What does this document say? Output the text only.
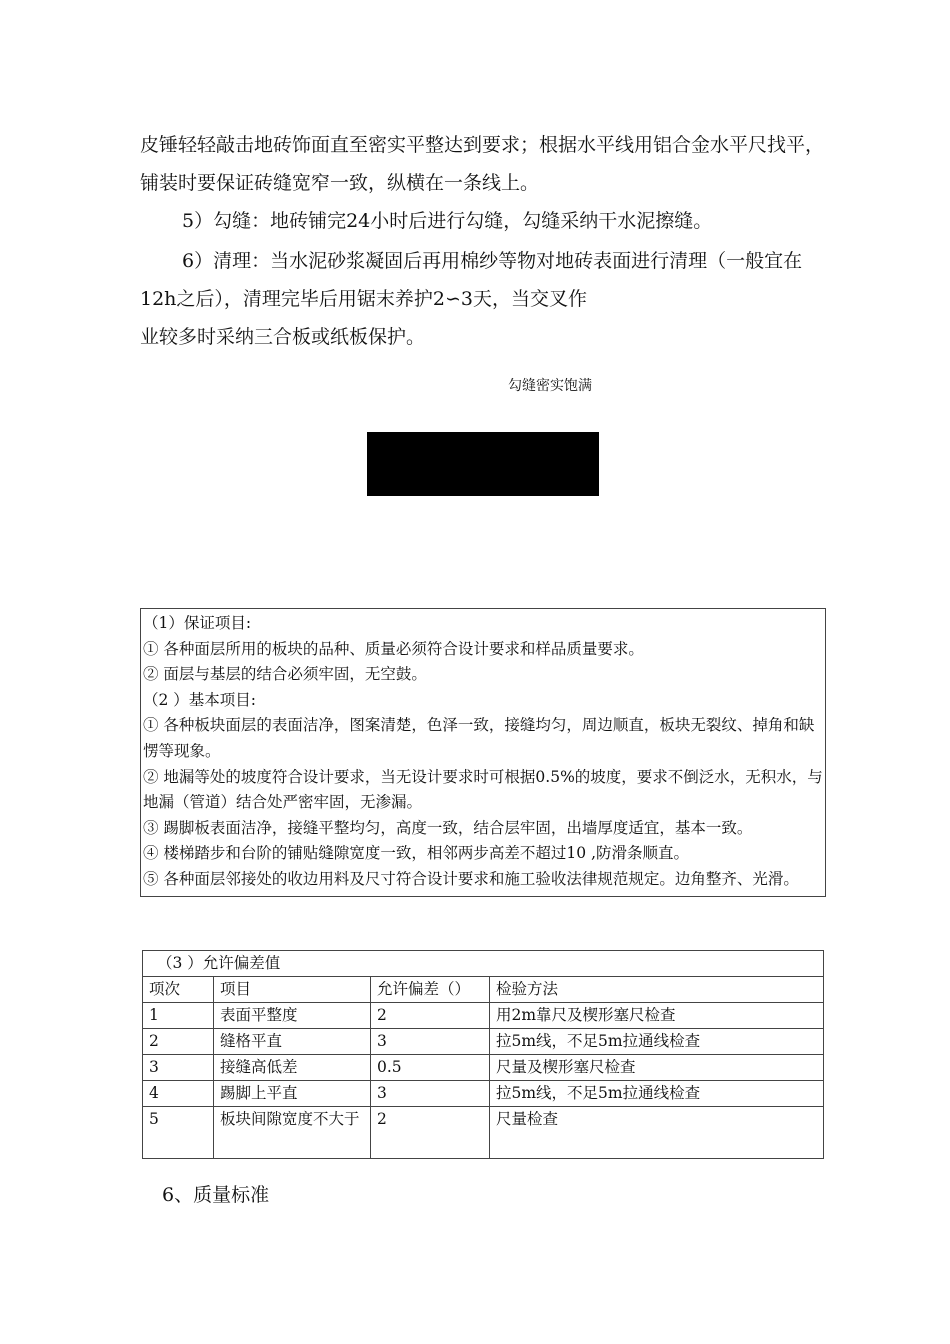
皮锤轻轻敲击地砖饰面直至密实平整达到要求；根据水平线用铝合金水平尺找平，铺装时要保证砖缝宽窄一致，纵横在一条线上。

5）勾缝：地砖铺完24小时后进行勾缝，勾缝采纳干水泥擦缝。

6）清理：当水泥砂浆凝固后再用棉纱等物对地砖表面进行清理（一般宜在12h之后），清理完毕后用锯末养护2∽3天，当交叉作
业较多时采纳三合板或纸板保护。

勾缝密实饱满
（1）保证项目:
① 各种面层所用的板块的品种、质量必须符合设计要求和样品质量要求。
② 面层与基层的结合必须牢固，无空鼓。
（2 ）基本项目:
① 各种板块面层的表面洁净，图案清楚，色泽一致，接缝均匀，周边顺直，板块无裂纹、掉角和缺愣等现象。
② 地漏等处的坡度符合设计要求，当无设计要求时可根据0.5%的坡度，要求不倒泛水，无积水，与地漏（管道）结合处严密牢固，无渗漏。
③ 踢脚板表面洁净，接缝平整均匀，高度一致，结合层牢固，出墙厚度适宜，基本一致。
④ 楼梯踏步和台阶的铺贴缝隙宽度一致，相邻两步高差不超过10 ,防滑条顺直。
⑤ 各种面层邻接处的收边用料及尺寸符合设计要求和施工验收法律规范规定。边角整齐、光滑。
（3 ）允许偏差值			
项次	项目	允许偏差（）	检验方法
1	表面平整度	2	用2m靠尺及楔形塞尺检查
2	缝格平直	3	拉5m线，不足5m拉通线检查
3	接缝高低差	0.5	尺量及楔形塞尺检查
4	踢脚上平直	3	拉5m线，不足5m拉通线检查
5	板块间隙宽度不大于	2	尺量检查
6、质量标准
